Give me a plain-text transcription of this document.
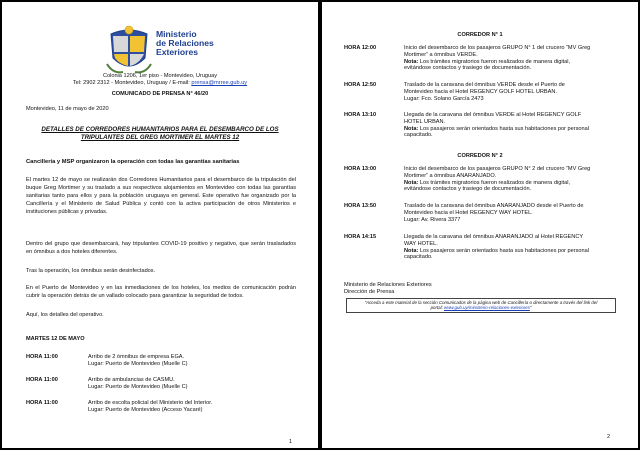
Ministerio
de Relaciones
Exteriores
Colonia 1206, 1er piso - Montevideo, Uruguay
Tel: 2902 2312 - Montevideo, Uruguay / E-mail: prensa@mrree.gub.uy
COMUNICADO DE PRENSA N° 46/20
Montevideo, 11 de mayo de 2020
DETALLES DE CORREDORES HUMANITARIOS PARA EL DESEMBARCO DE LOS
TRIPULANTES DEL GREG MORTIMER EL MARTES 12
Cancillería y MSP organizaron la operación con todas las garantías sanitarias
El martes 12 de mayo se realizarán dos Corredores Humanitarios para el desembarco de la tripulación del buque Greg Mortimer y su traslado a sus respectivos alojamientos en Montevideo con todas las garantías sanitarias tanto para ellos y para la población uruguaya en general. Este operativo fue organizado por la Cancillería y el Ministerio de Salud Pública y contó con la activa participación de otros Ministerios e instituciones públicas y privadas.
Dentro del grupo que desembarcará, hay tripulantes COVID-19 positivo y negativo, que serán trasladados en ómnibus a dos hoteles diferentes.
Tras la operación, los ómnibus serán desinfectados.
En el Puerto de Montevideo y en las inmediaciones de los hoteles, los medios de comunicación podrán cubrir la operación detrás de un vallado colocado para garantizar la seguridad de todos.
Aquí, los detalles del operativo.
MARTES 12 DE MAYO
HORA 11:00	Arribo de 2 ómnibus de empresa EGA.
Lugar: Puerto de Montevideo (Muelle C)
HORA 11:00	Arribo de ambulancias de CASMU.
Lugar: Puerto de Montevideo (Muelle C)
HORA 11:00	Arribo de escolta policial del Ministerio del Interior.
Lugar: Puerto de Montevideo (Acceso Yacaré)
1
CORREDOR N° 1
HORA 12:00	Inicio del desembarco de los pasajeros GRUPO N° 1 del crucero “MV Greg
Mortimer” a ómnibus VERDE.
Nota: Los trámites migratorios fueron realizados de manera digital,
evitándose contactos y trasiego de documentación.
HORA 12:50	Traslado de la caravana del ómnibus VERDE desde el Puerto de
Montevideo hacia el Hotel REGENCY GOLF HOTEL URBAN.
Lugar: Fco. Solano García 2473
HORA 13:10	Llegada de la caravana del ómnibus VERDE al Hotel REGENCY GOLF
HOTEL URBAN.
Nota: Los pasajeros serán orientados hasta sus habitaciones por personal
capacitado.
CORREDOR N° 2
HORA 13:00	Inicio del desembarco de los pasajeros GRUPO N° 2 del crucero “MV Greg
Mortimer” a ómnibus ANARANJADO.
Nota: Los trámites migratorios fueron realizados de manera digital,
evitándose contactos y trasiego de documentación.
HORA 13:50	Traslado de la caravana del ómnibus ANARANJADO desde el Puerto de
Montevideo hacia el Hotel REGENCY WAY HOTEL.
Lugar: Av. Rivera 3377
HORA 14:15	Llegada de la caravana del ómnibus ANARANJADO al Hotel REGENCY
WAY HOTEL.
Nota: Los pasajeros serán orientados hasta sus habitaciones por personal
capacitado.
Ministerio de Relaciones Exteriores
Dirección de Prensa
“Acceda a este material de la sección Comunicados de la página web de Cancillería o directamente a través del link del
portal: www.gub.uy/ministerio-relaciones-exteriores”
2
